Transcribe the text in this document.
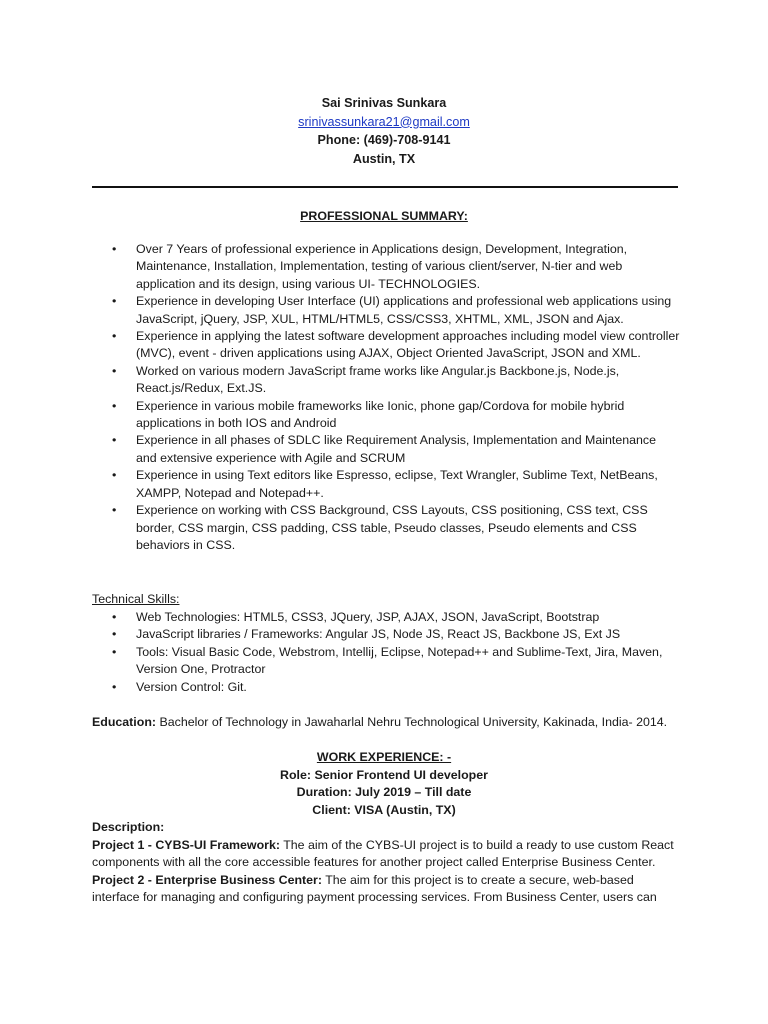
Sai Srinivas Sunkara
srinivassunkara21@gmail.com
Phone: (469)-708-9141
Austin, TX
PROFESSIONAL SUMMARY:
• Over 7 Years of professional experience in Applications design, Development, Integration, Maintenance, Installation, Implementation, testing of various client/server, N-tier and web application and its design, using various UI- TECHNOLOGIES.
• Experience in developing User Interface (UI) applications and professional web applications using JavaScript, jQuery, JSP, XUL, HTML/HTML5, CSS/CSS3, XHTML, XML, JSON and Ajax.
• Experience in applying the latest software development approaches including model view controller (MVC), event - driven applications using AJAX, Object Oriented JavaScript, JSON and XML.
• Worked on various modern JavaScript frame works like Angular.js Backbone.js, Node.js, React.js/Redux, Ext.JS.
• Experience in various mobile frameworks like Ionic, phone gap/Cordova for mobile hybrid applications in both IOS and Android
• Experience in all phases of SDLC like Requirement Analysis, Implementation and Maintenance and extensive experience with Agile and SCRUM
• Experience in using Text editors like Espresso, eclipse, Text Wrangler, Sublime Text, NetBeans, XAMPP, Notepad and Notepad++.
• Experience on working with CSS Background, CSS Layouts, CSS positioning, CSS text, CSS border, CSS margin, CSS padding, CSS table, Pseudo classes, Pseudo elements and CSS behaviors in CSS.
Technical Skills:
• Web Technologies: HTML5, CSS3, JQuery, JSP, AJAX, JSON, JavaScript, Bootstrap
• JavaScript libraries / Frameworks: Angular JS, Node JS, React JS, Backbone JS, Ext JS
• Tools: Visual Basic Code, Webstrom, Intellij, Eclipse, Notepad++ and Sublime-Text, Jira, Maven, Version One, Protractor
• Version Control: Git.
Education: Bachelor of Technology in Jawaharlal Nehru Technological University, Kakinada, India- 2014.
WORK EXPERIENCE: -
Role: Senior Frontend UI developer
Duration: July 2019 – Till date
Client: VISA (Austin, TX)
Description:
Project 1 - CYBS-UI Framework: The aim of the CYBS-UI project is to build a ready to use custom React components with all the core accessible features for another project called Enterprise Business Center.
Project 2 - Enterprise Business Center: The aim for this project is to create a secure, web-based interface for managing and configuring payment processing services. From Business Center, users can
